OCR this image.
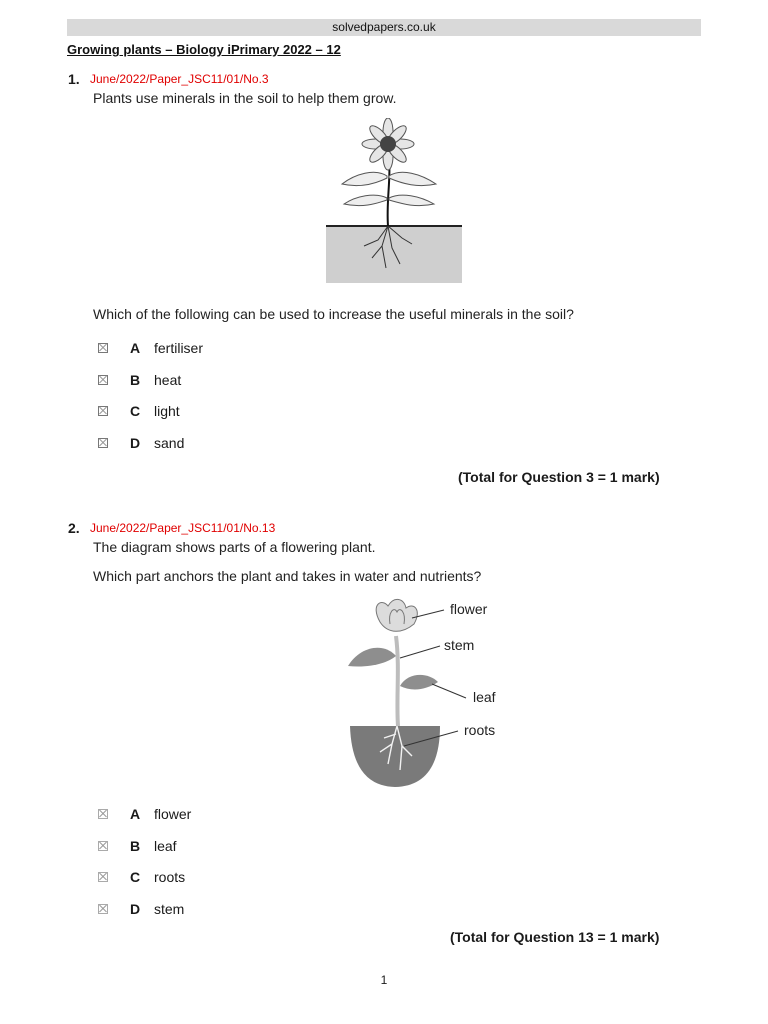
solvedpapers.co.uk
Growing plants – Biology iPrimary 2022 – 12
1. June/2022/Paper_JSC11/01/No.3
Plants use minerals in the soil to help them grow.
Which of the following can be used to increase the useful minerals in the soil?
A fertiliser
B heat
C light
D sand
(Total for Question 3 = 1 mark)
2. June/2022/Paper_JSC11/01/No.13
The diagram shows parts of a flowering plant.
Which part anchors the plant and takes in water and nutrients?
flower
stem
leaf
roots
A flower
B leaf
C roots
D stem
(Total for Question 13 = 1 mark)
1
